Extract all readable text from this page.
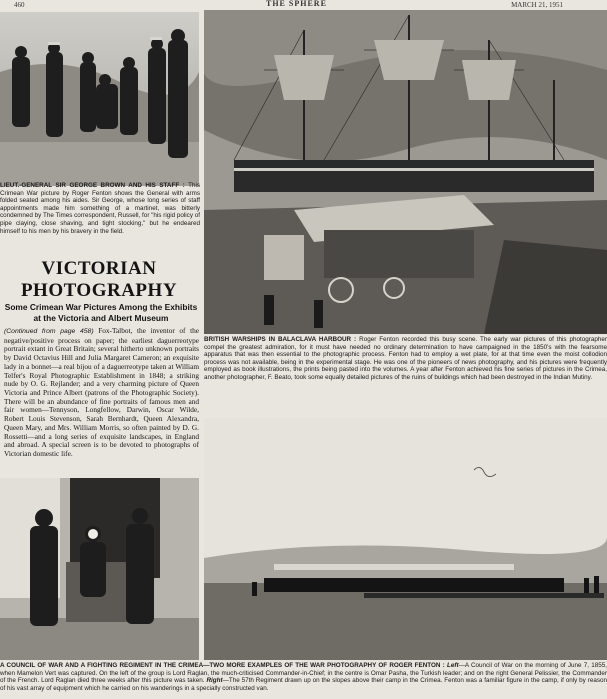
460	THE SPHERE	MARCH 21, 1951
LIEUT.-GENERAL SIR GEORGE BROWN AND HIS STAFF : This Crimean War picture by Roger Fenton shows the General with arms folded seated among his aides. Sir George, whose long series of staff appointments made him something of a martinet, was bitterly condemned by The Times correspondent, Russell, for "his rigid policy of pipe claying, close shaving, and tight stocking," but he endeared himself to his men by his bravery in the field.
VICTORIAN
PHOTOGRAPHY
Some Crimean War Pictures Among the Exhibits at the Victoria and Albert Museum
(Continued from page 458) Fox-Talbot, the inventor of the negative/positive process on paper; the earliest daguerreotype portrait extant in Great Britain; several hitherto unknown portraits by David Octavius Hill and Julia Margaret Cameron; an exquisite lady in a bonnet—a real bijou of a daguerreotype taken at William Telfer's Royal Photographic Establishment in 1848; a striking nude by O. G. Rejlander; and a very charming picture of Queen Victoria and Prince Albert (patrons of the Photographic Society). There will be an abundance of fine portraits of famous men and fair women—Tennyson, Longfellow, Darwin, Oscar Wilde, Robert Louis Stevenson, Sarah Bernhardt, Queen Alexandra, Queen Mary, and Mrs. William Morris, so often painted by D. G. Rossetti—and a long series of exquisite landscapes, in England and abroad. A special screen is to be devoted to photographs of Victorian domestic life.
BRITISH WARSHIPS IN BALACLAVA HARBOUR : Roger Fenton recorded this busy scene. The early war pictures of this photographer compel the greatest admiration, for it must have needed no ordinary determination to have campaigned in the 1850's with the fearsome apparatus that was then essential to the photographic process. Fenton had to employ a wet plate, for at that time even the moist collodion process was not available, being in the experimental stage. He was one of the pioneers of news photography, and his pictures were frequently employed as book illustrations, the prints being pasted into the volumes. A year after Fenton achieved his fine series of pictures in the Crimea, another photographer, F. Beato, took some equally detailed pictures of the ruins of buildings which had been destroyed in the Indian Mutiny.
A COUNCIL OF WAR AND A FIGHTING REGIMENT IN THE CRIMEA—TWO MORE EXAMPLES OF THE WAR PHOTOGRAPHY OF ROGER FENTON : Left—A Council of War on the morning of June 7, 1855, when Mamelon Vert was captured. On the left of the group is Lord Raglan, the much-criticised Commander-in-Chief; in the centre is Omar Pasha, the Turkish leader; and on the right General Pelissier, the Commander of the French. Lord Raglan died three weeks after this picture was taken. Right—The 57th Regiment drawn up on the slopes above their camp in the Crimea. Fenton was a familiar figure in the camp, if only by reason of his vast array of equipment which he carried on his wanderings in a specially constructed van.
